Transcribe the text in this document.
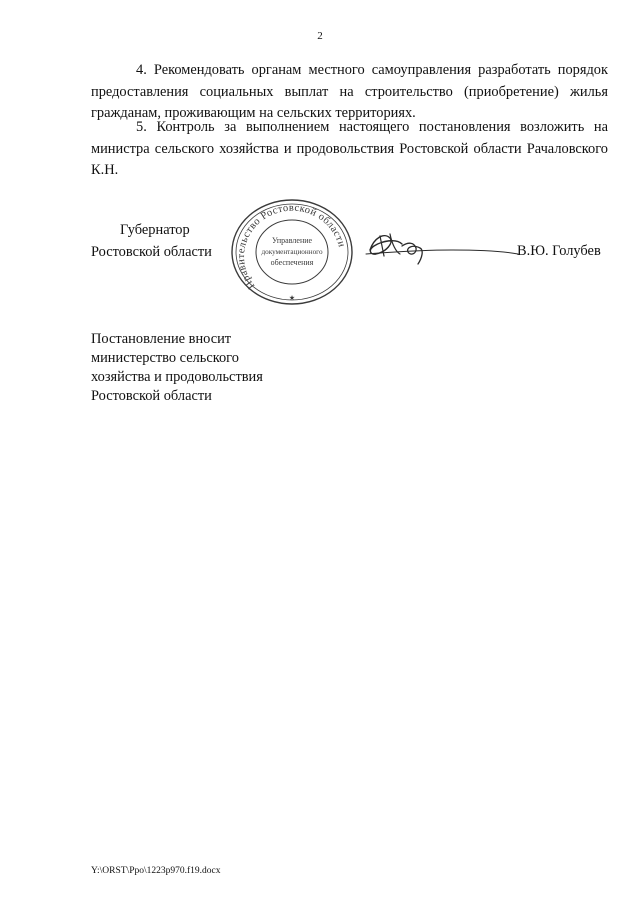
2

4. Рекомендовать органам местного самоуправления разработать порядок предоставления социальных выплат на строительство (приобретение) жилья гражданам, проживающим на сельских территориях.

5. Контроль за выполнением настоящего постановления возложить на министра сельского хозяйства и продовольствия Ростовской области Рачаловского К.Н.

Губернатор
Ростовской области
Правительство Ростовской области
Управление
документационного
обеспечения
★
В.Ю. Голубев
Постановление вносит
министерство сельского
хозяйства и продовольствия
Ростовской области
Y:\ORST\Ppo\1223p970.f19.docx
